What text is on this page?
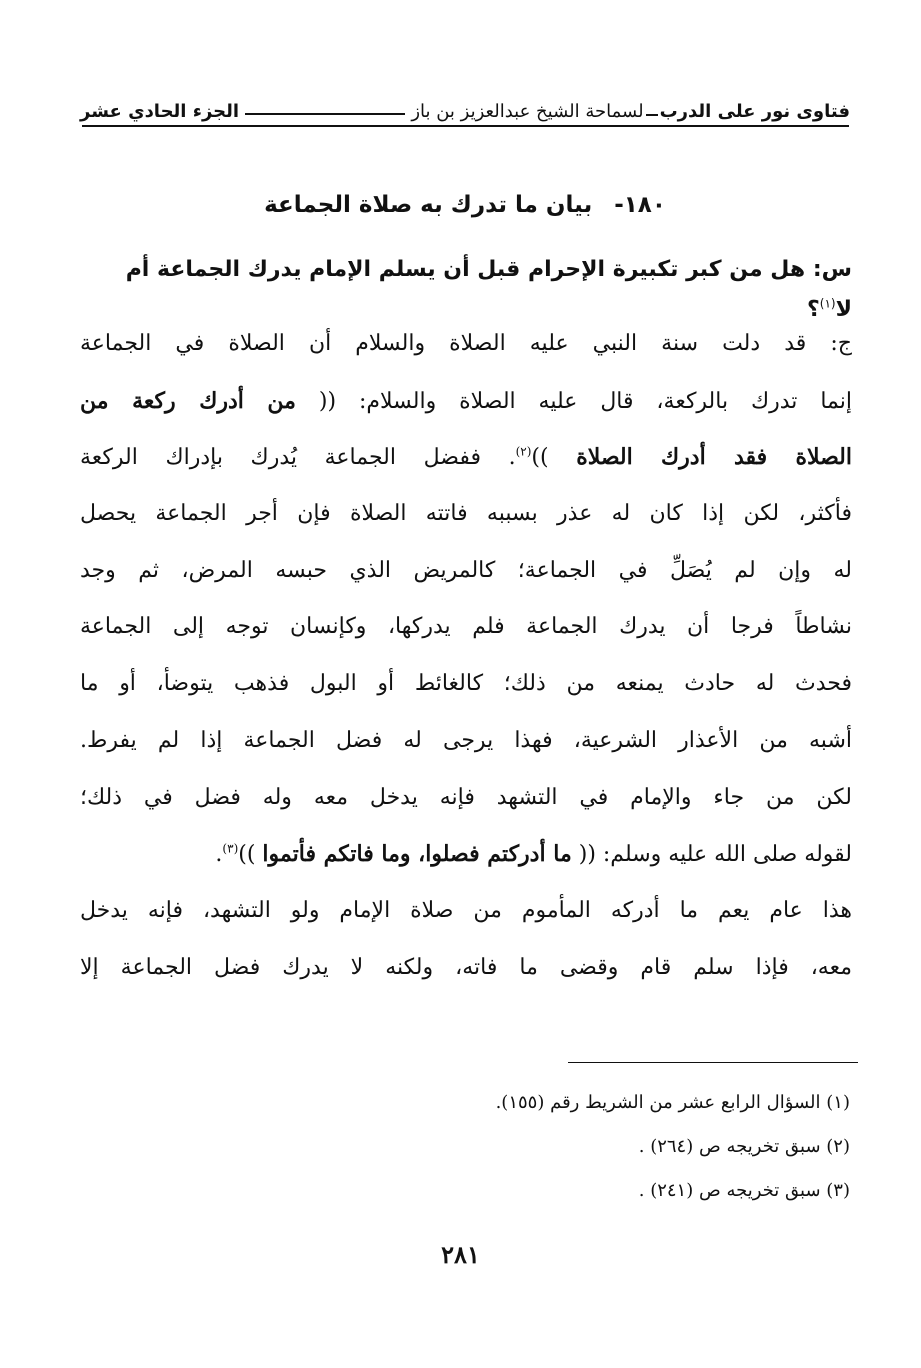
فتاوى نور على الدرب
لسماحة الشيخ عبدالعزيز بن باز
الجزء الحادي عشر
١٨٠- بيان ما تدرك به صلاة الجماعة
س: هل من كبر تكبيرة الإحرام قبل أن يسلم الإمام يدرك الجماعة أم لا$^{(١)}$؟
ج: قد دلت سنة النبي عليه الصلاة والسلام أن الصلاة في الجماعة
إنما تدرك بالركعة، قال عليه الصلاة والسلام: (( من أدرك ركعة من
الصلاة فقد أدرك الصلاة ))$^{(٢)}$. ففضل الجماعة يُدرك بإدراك الركعة
فأكثر، لكن إذا كان له عذر بسببه فاتته الصلاة فإن أجر الجماعة يحصل
له وإن لم يُصَلِّ في الجماعة؛ كالمريض الذي حبسه المرض، ثم وجد
نشاطاً فرجا أن يدرك الجماعة فلم يدركها، وكإنسان توجه إلى الجماعة
فحدث له حادث يمنعه من ذلك؛ كالغائط أو البول فذهب يتوضأ، أو ما
أشبه من الأعذار الشرعية، فهذا يرجى له فضل الجماعة إذا لم يفرط.
لكن من جاء والإمام في التشهد فإنه يدخل معه وله فضل في ذلك؛
لقوله صلى الله عليه وسلم: (( ما أدركتم فصلوا، وما فاتكم فأتموا ))$^{(٣)}$.
هذا عام يعم ما أدركه المأموم من صلاة الإمام ولو التشهد، فإنه يدخل
معه، فإذا سلم قام وقضى ما فاته، ولكنه لا يدرك فضل الجماعة إلا
(١) السؤال الرابع عشر من الشريط رقم (١٥٥).
(٢) سبق تخريجه ص (٢٦٤) .
(٣) سبق تخريجه ص (٢٤١) .
٢٨١
